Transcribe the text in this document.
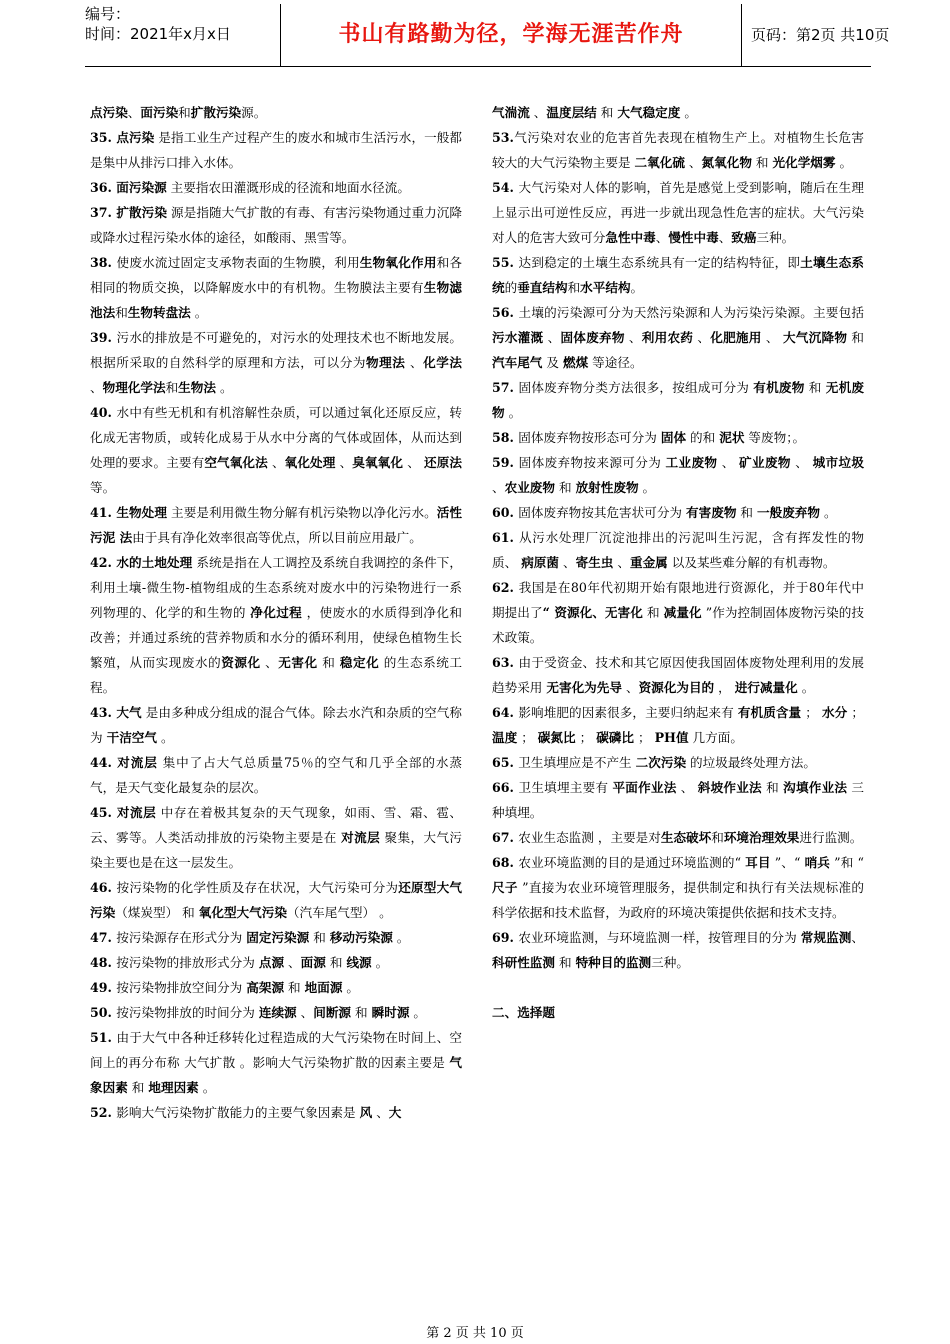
编号：
时间：2021年x月x日	书山有路勤为径，学海无涯苦作舟	页码：第2页 共10页

点污染、面污染和扩散污染源。

35. 点污染 是指工业生产过程产生的废水和城市生活污水，一般都是集中从排污口排入水体。

36. 面污染源 主要指农田灌溉形成的径流和地面水径流。

37. 扩散污染 源是指随大气扩散的有毒、有害污染物通过重力沉降或降水过程污染水体的途径，如酸雨、黑雪等。

38. 使废水流过固定支承物表面的生物膜，利用生物氧化作用和各相同的物质交换，以降解废水中的有机物。生物膜法主要有生物滤池法和生物转盘法 。

39. 污水的排放是不可避免的，对污水的处理技术也不断地发展。根据所采取的自然科学的原理和方法，可以分为物理法 、化学法 、物理化学法和生物法 。

40. 水中有些无机和有机溶解性杂质，可以通过氧化还原反应，转化成无害物质，或转化成易于从水中分离的气体或固体，从而达到处理的要求。主要有空气氧化法 、氧化处理 、臭氧氧化 、 还原法 等。

41. 生物处理 主要是利用微生物分解有机污染物以净化污水。活性污泥 法由于具有净化效率很高等优点，所以目前应用最广。

42. 水的土地处理 系统是指在人工调控及系统自我调控的条件下，利用土壤-微生物-植物组成的生态系统对废水中的污染物进行一系列物理的、化学的和生物的 净化过程 ，使废水的水质得到净化和改善；并通过系统的营养物质和水分的循环利用，使绿色植物生长繁殖，从而实现废水的资源化 、无害化 和 稳定化 的生态系统工程。

43. 大气 是由多种成分组成的混合气体。除去水汽和杂质的空气称为 干洁空气 。

44. 对流层 集中了占大气总质量75％的空气和几乎全部的水蒸气，是天气变化最复杂的层次。

45. 对流层 中存在着极其复杂的天气现象，如雨、雪、霜、雹、云、雾等。人类活动排放的污染物主要是在 对流层 聚集，大气污染主要也是在这一层发生。

46. 按污染物的化学性质及存在状况，大气污染可分为还原型大气污染（煤炭型） 和 氧化型大气污染（汽车尾气型） 。

47. 按污染源存在形式分为 固定污染源 和 移动污染源 。

48. 按污染物的排放形式分为 点源 、面源 和 线源 。

49. 按污染物排放空间分为 高架源 和 地面源 。

50. 按污染物排放的时间分为 连续源 、间断源 和 瞬时源 。

51. 由于大气中各种迁移转化过程造成的大气污染物在时间上、空间上的再分布称 大气扩散 。影响大气污染物扩散的因素主要是 气象因素 和 地理因素 。

52. 影响大气污染物扩散能力的主要气象因素是 风 、大

气湍流 、温度层结 和 大气稳定度 。

53.气污染对农业的危害首先表现在植物生产上。对植物生长危害较大的大气污染物主要是 二氧化硫 、氮氧化物 和 光化学烟雾 。

54. 大气污染对人体的影响，首先是感觉上受到影响，随后在生理上显示出可逆性反应，再进一步就出现急性危害的症状。大气污染对人的危害大致可分急性中毒、慢性中毒、致癌三种。

55. 达到稳定的土壤生态系统具有一定的结构特征，即土壤生态系统的垂直结构和水平结构。

56. 土壤的污染源可分为天然污染源和人为污染污染源。主要包括 污水灌溉 、固体废弃物 、利用农药 、化肥施用 、 大气沉降物 和 汽车尾气 及 燃煤 等途径。

57. 固体废弃物分类方法很多，按组成可分为 有机废物 和 无机废物 。

58. 固体废弃物按形态可分为 固体 的和 泥状 等废物；。

59. 固体废弃物按来源可分为 工业废物 、 矿业废物 、 城市垃圾 、农业废物 和 放射性废物 。

60. 固体废弃物按其危害状可分为 有害废物 和 一般废弃物 。

61. 从污水处理厂沉淀池排出的污泥叫生污泥，含有挥发性的物质、 病原菌 、寄生虫 、重金属 以及某些难分解的有机毒物。

62. 我国是在80年代初期开始有限地进行资源化，并于80年代中期提出了“ 资源化、无害化 和 减量化 ”作为控制固体废物污染的技术政策。

63. 由于受资金、技术和其它原因使我国固体废物处理利用的发展趋势采用 无害化为先导 、资源化为目的 ， 进行减量化 。

64. 影响堆肥的因素很多，主要归纳起来有 有机质含量 ； 水分 ； 温度 ； 碳氮比 ； 碳磷比 ； PH值 几方面。

65. 卫生填埋应是不产生 二次污染 的垃圾最终处理方法。

66. 卫生填埋主要有 平面作业法 、 斜坡作业法 和 沟填作业法 三种填埋。

67. 农业生态监测 ，主要是对生态破坏和环境治理效果进行监测。

68. 农业环境监测的目的是通过环境监测的“ 耳目 ”、“ 哨兵 ”和 “ 尺子 ”直接为农业环境管理服务，提供制定和执行有关法规标准的科学依据和技术监督，为政府的环境决策提供依据和技术支持。

69. 农业环境监测，与环境监测一样，按管理目的分为 常规监测、科研性监测 和 特种目的监测三种。

二、选择题

第 2 页 共 10 页
